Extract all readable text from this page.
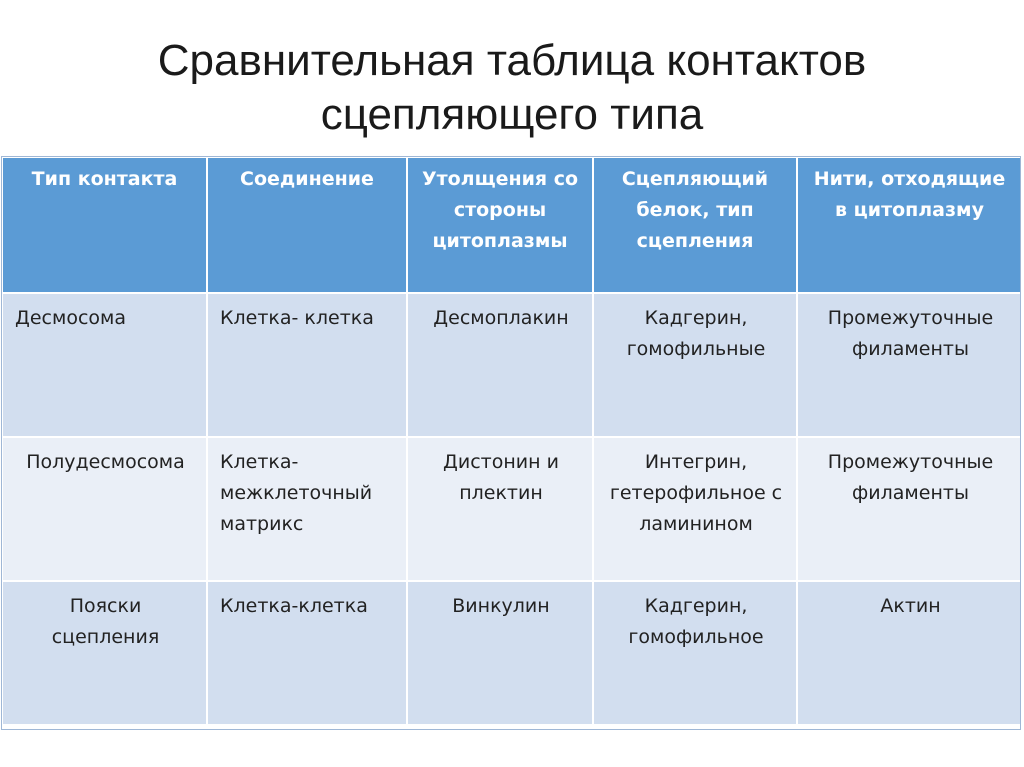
Сравнительная таблица контактов
сцепляющего типа
Тип контакта	Соединение	Утолщения со стороны цитоплазмы	Сцепляющий белок, тип сцепления	Нити, отходящие в цитоплазму

Десмосома	Клетка- клетка	Десмоплакин	Кадгерин, гомофильные	Промежуточные филаменты

Полудесмосома	Клетка- межклеточный матрикс	Дистонин и плектин	Интегрин, гетерофильное с ламинином	Промежуточные филаменты

Пояски сцепления	Клетка-клетка	Винкулин	Кадгерин, гомофильное	Актин
